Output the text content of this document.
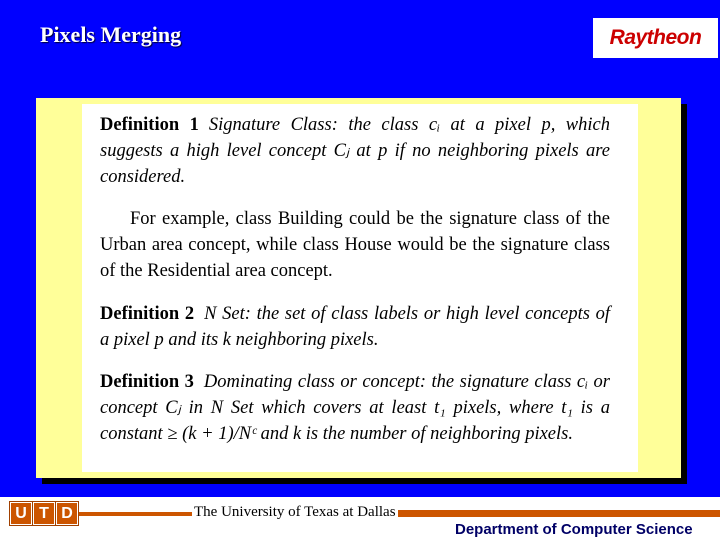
Pixels Merging	Raytheon
Definition 1 Signature Class: the class cᵢ at a pixel p, which suggests a high level concept Cⱼ at p if no neighboring pixels are considered.
For example, class Building could be the signature class of the Urban area concept, while class House would be the signature class of the Residential area concept.
Definition 2 N Set: the set of class labels or high level concepts of a pixel p and its k neighboring pixels.
Definition 3 Dominating class or concept: the signature class cᵢ or concept Cⱼ in N Set which covers at least t₁ pixels, where t₁ is a constant ≥ (k + 1)/Nᶜ and k is the number of neighboring pixels.
U T D	The University of Texas at Dallas
Department of Computer Science
